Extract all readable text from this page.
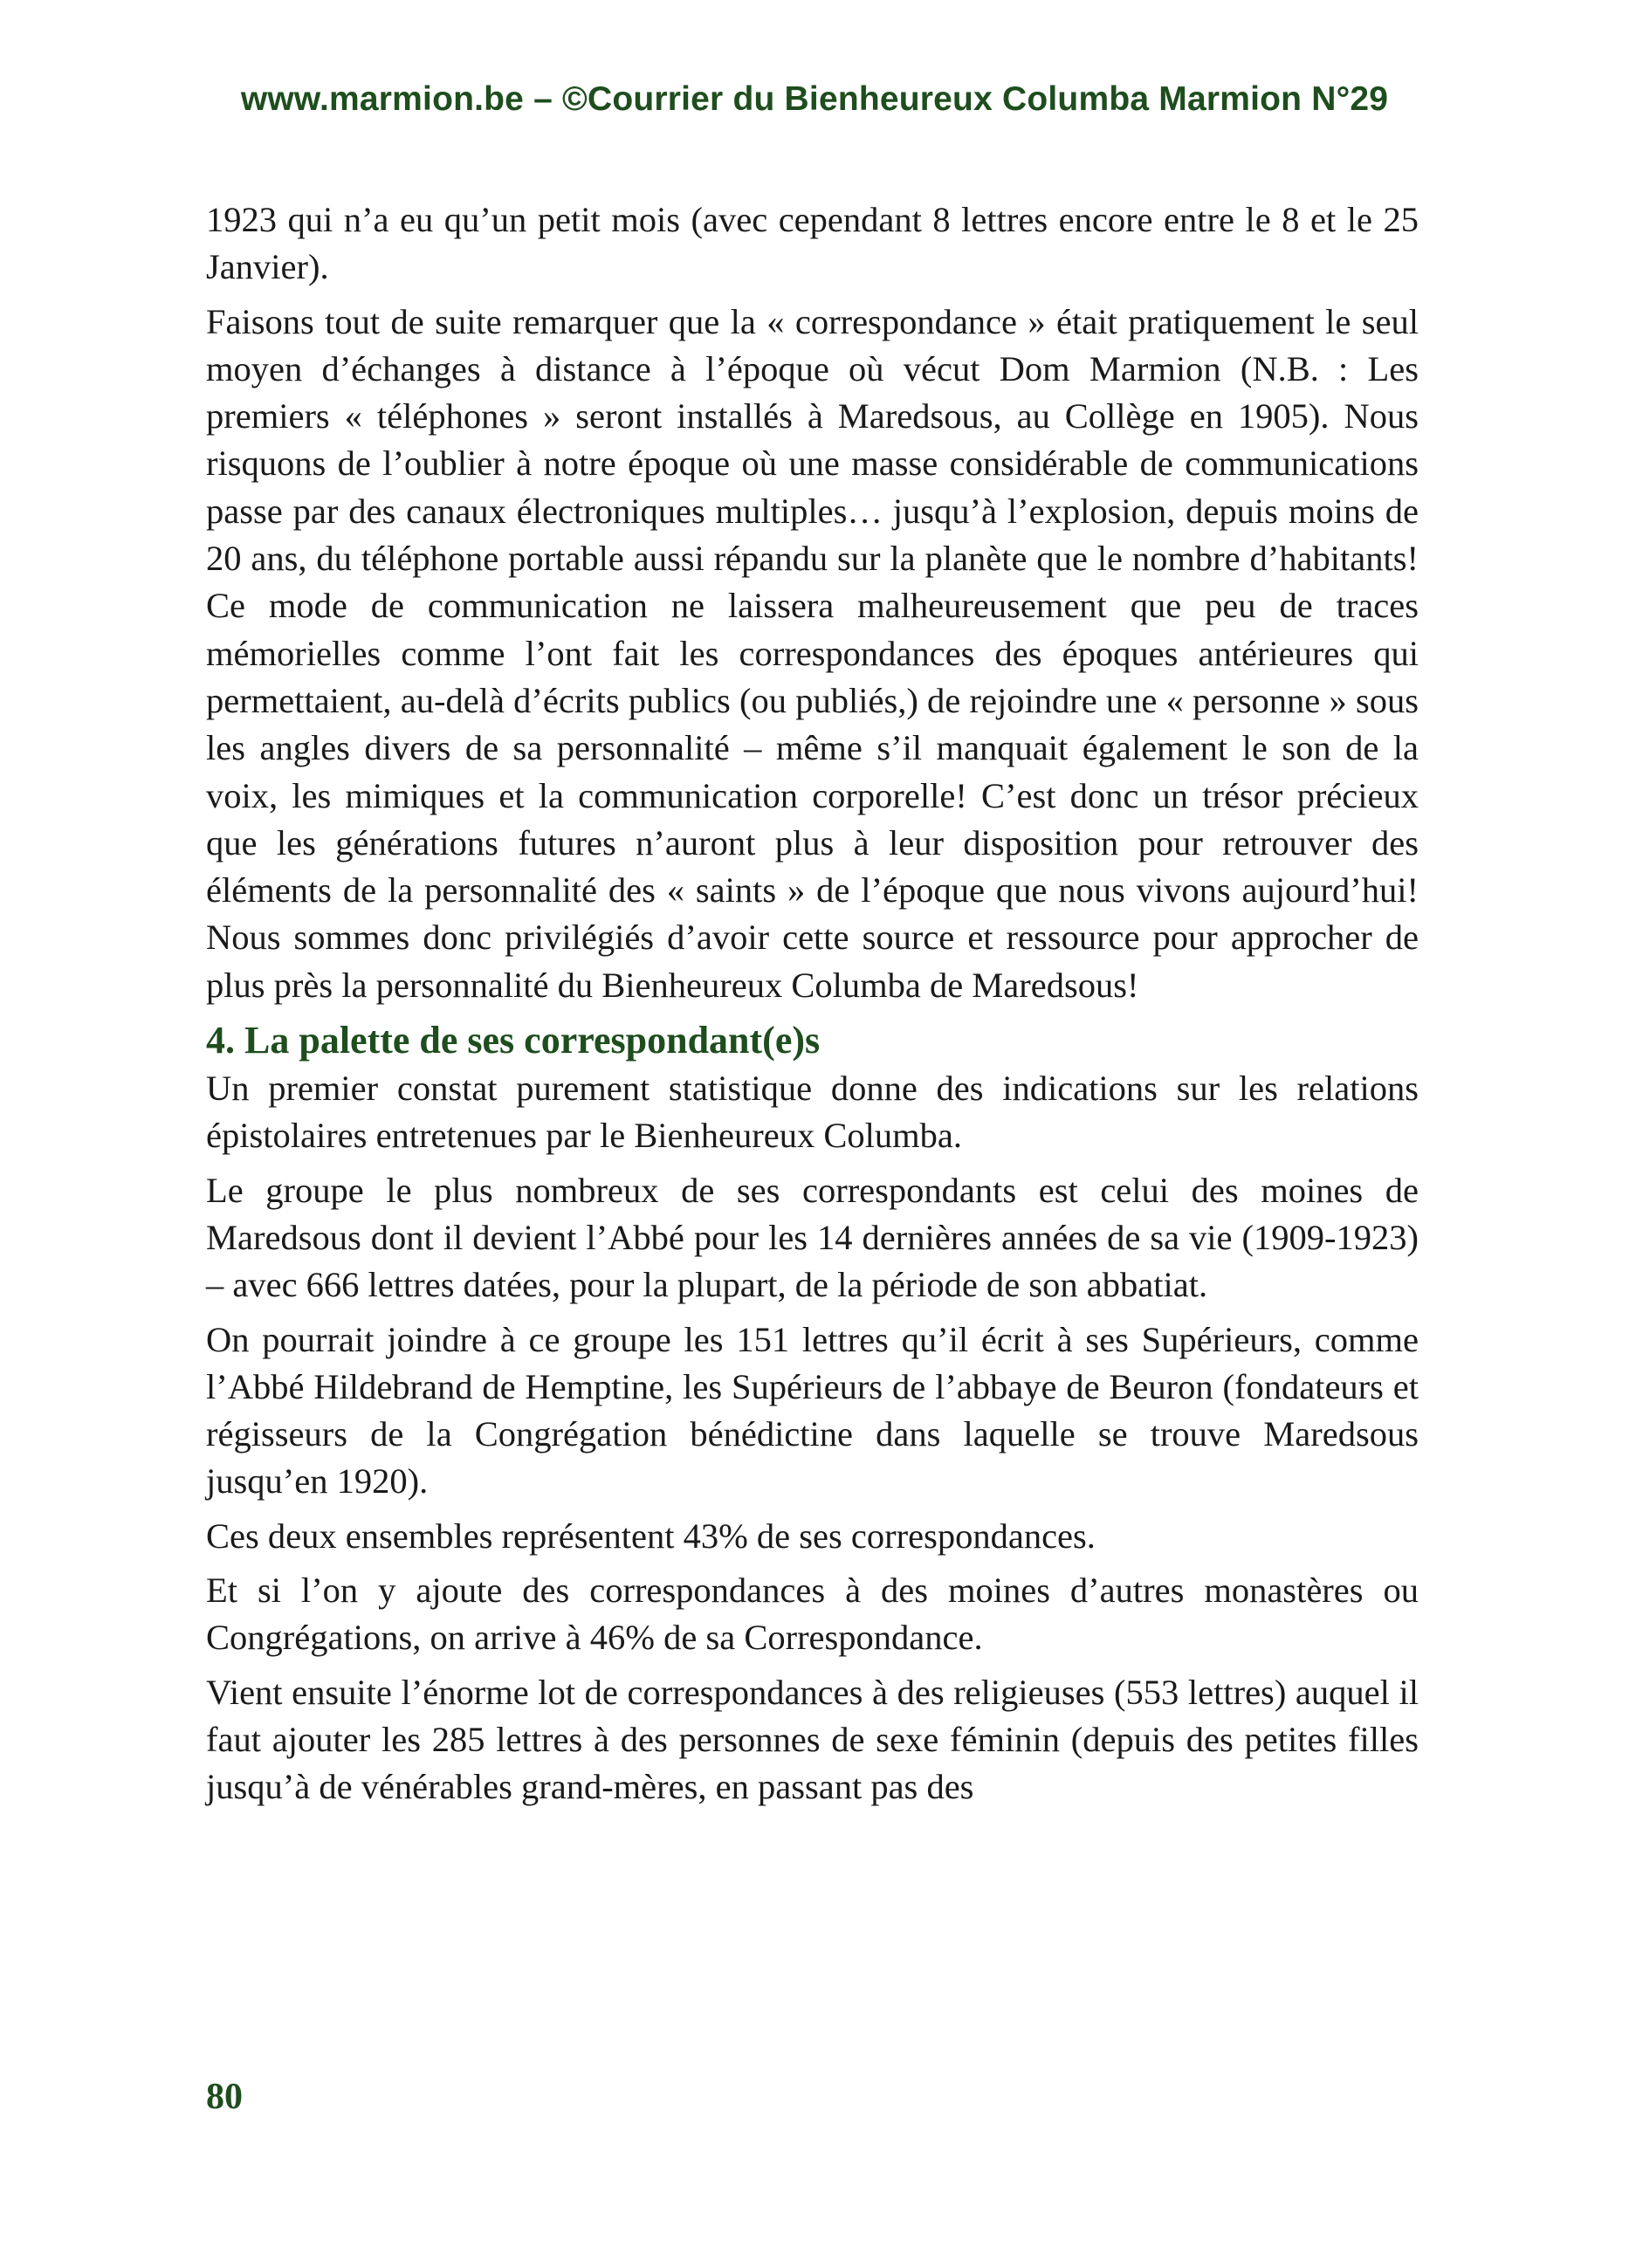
www.marmion.be – ©Courrier du Bienheureux Columba Marmion N°29

1923 qui n’a eu qu’un petit mois (avec cependant 8 lettres encore entre le 8 et le 25 Janvier).

Faisons tout de suite remarquer que la « correspondance » était pratiquement le seul moyen d’échanges à distance à l’époque où vécut Dom Marmion (N.B. : Les premiers « téléphones » seront installés à Maredsous, au Collège en 1905). Nous risquons de l’oublier à notre époque où une masse considérable de communications passe par des canaux électroniques multiples… jusqu’à l’explosion, depuis moins de 20 ans, du téléphone portable aussi répandu sur la planète que le nombre d’habitants! Ce mode de communication ne laissera malheureusement que peu de traces mémorielles comme l’ont fait les correspondances des époques antérieures qui permettaient, au-delà d’écrits publics (ou publiés,) de rejoindre une « personne » sous les angles divers de sa personnalité – même s’il manquait également le son de la voix, les mimiques et la communication corporelle! C’est donc un trésor précieux que les générations futures n’auront plus à leur disposition pour retrouver des éléments de la personnalité des « saints » de l’époque que nous vivons aujourd’hui! Nous sommes donc privilégiés d’avoir cette source et ressource pour approcher de plus près la personnalité du Bienheureux Columba de Maredsous!

4. La palette de ses correspondant(e)s

Un premier constat purement statistique donne des indications sur les relations épistolaires entretenues par le Bienheureux Columba.

Le groupe le plus nombreux de ses correspondants est celui des moines de Maredsous dont il devient l’Abbé pour les 14 dernières années de sa vie (1909-1923) – avec 666 lettres datées, pour la plupart, de la période de son abbatiat.

On pourrait joindre à ce groupe les 151 lettres qu’il écrit à ses Supérieurs, comme l’Abbé Hildebrand de Hemptine, les Supérieurs de l’abbaye de Beuron (fondateurs et régisseurs de la Congrégation bénédictine dans laquelle se trouve Maredsous jusqu’en 1920).

Ces deux ensembles représentent 43% de ses correspondances.

Et si l’on y ajoute des correspondances à des moines d’autres monastères ou Congrégations, on arrive à 46% de sa Correspondance.

Vient ensuite l’énorme lot de correspondances à des religieuses (553 lettres) auquel il faut ajouter les 285 lettres à des personnes de sexe féminin (depuis des petites filles jusqu’à de vénérables grand-mères, en passant pas des

80
